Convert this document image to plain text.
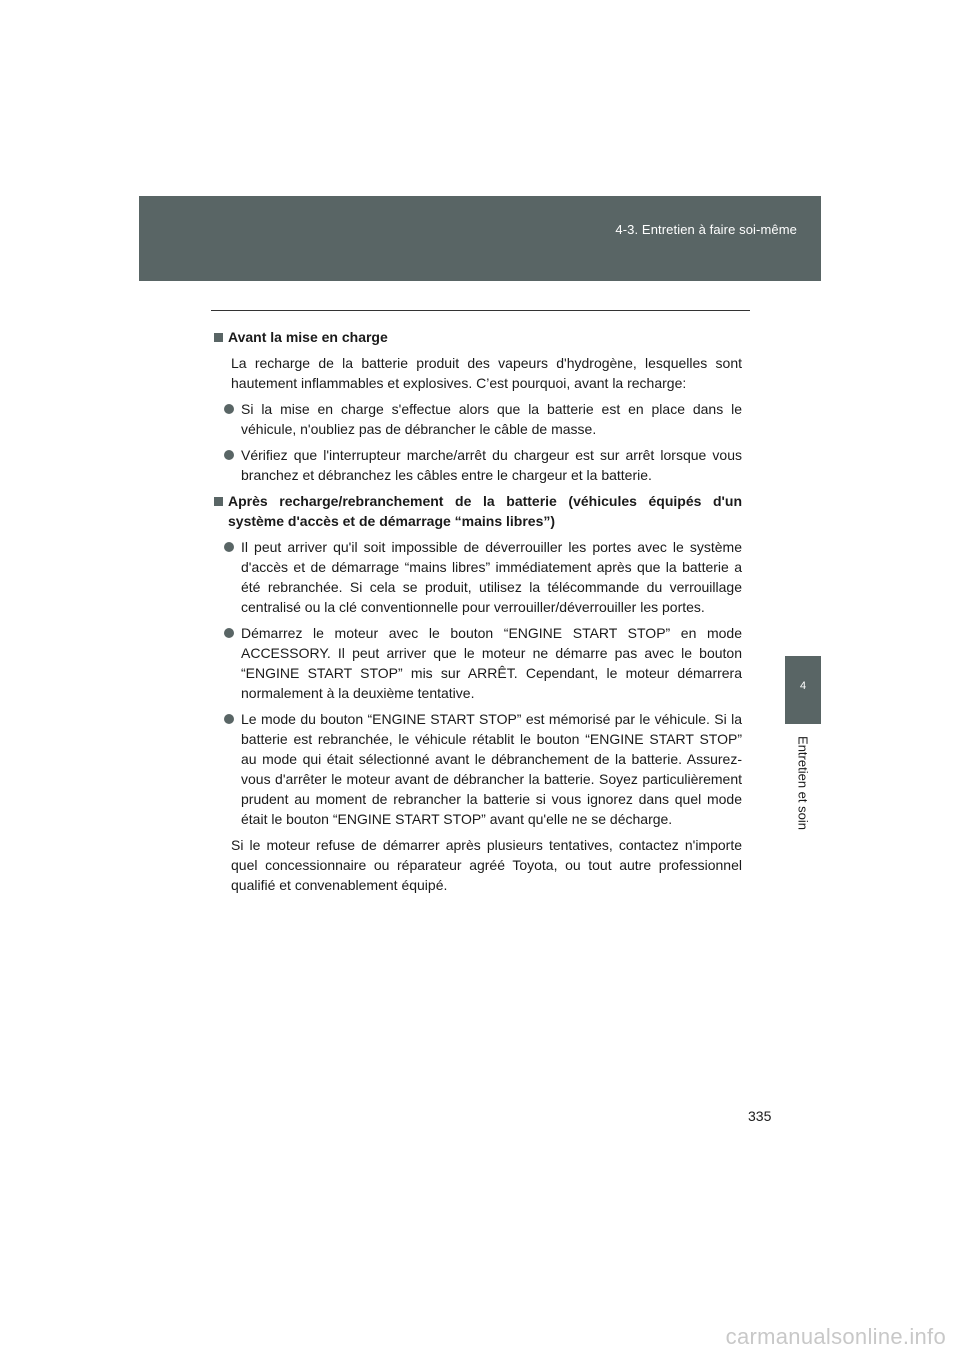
4-3. Entretien à faire soi-même
4
Entretien et soin
Avant la mise en charge
La recharge de la batterie produit des vapeurs d'hydrogène, lesquelles sont hautement inflammables et explosives. C’est pourquoi, avant la recharge:
Si la mise en charge s'effectue alors que la batterie est en place dans le véhicule, n'oubliez pas de débrancher le câble de masse.
Vérifiez que l'interrupteur marche/arrêt du chargeur est sur arrêt lorsque vous branchez et débranchez les câbles entre le chargeur et la batterie.
Après recharge/rebranchement de la batterie (véhicules équipés d'un système d'accès et de démarrage “mains libres”)
Il peut arriver qu'il soit impossible de déverrouiller les portes avec le système d'accès et de démarrage “mains libres” immédiatement après que la batterie a été rebranchée. Si cela se produit, utilisez la télécommande du verrouillage centralisé ou la clé conventionnelle pour verrouiller/déverrouiller les portes.
Démarrez le moteur avec le bouton “ENGINE START STOP” en mode ACCESSORY. Il peut arriver que le moteur ne démarre pas avec le bouton “ENGINE START STOP” mis sur ARRÊT. Cependant, le moteur démarrera normalement à la deuxième tentative.
Le mode du bouton “ENGINE START STOP” est mémorisé par le véhicule. Si la batterie est rebranchée, le véhicule rétablit le bouton “ENGINE START STOP” au mode qui était sélectionné avant le débranchement de la batterie. Assurez-vous d'arrêter le moteur avant de débrancher la batterie. Soyez particulièrement prudent au moment de rebrancher la batterie si vous ignorez dans quel mode était le bouton “ENGINE START STOP” avant qu'elle ne se décharge.
Si le moteur refuse de démarrer après plusieurs tentatives, contactez n'importe quel concessionnaire ou réparateur agréé Toyota, ou tout autre professionnel qualifié et convenablement équipé.
335
carmanualsonline.info
